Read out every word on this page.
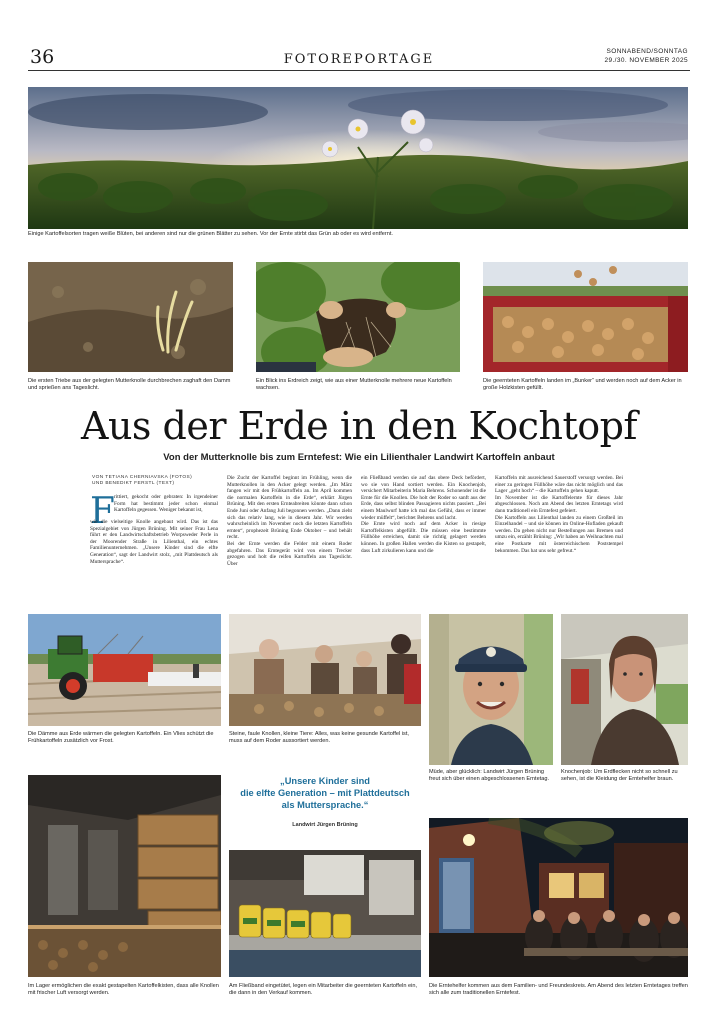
36	FOTOREPORTAGE
SONNABEND/SONNTAG
29./30. NOVEMBER 2025
Einige Kartoffelsorten tragen weiße Blüten, bei anderen sind nur die grünen Blätter zu sehen. Vor der Ernte stirbt das Grün ab oder es wird entfernt.
Die ersten Triebe aus der gelegten Mutterknolle durchbrechen zaghaft den Damm und sprießen ans Tageslicht.
Ein Blick ins Erdreich zeigt, wie aus einer Mutterknolle mehrere neue Kartoffeln wachsen.
Die geernteten Kartoffeln landen im „Bunker“ und werden noch auf dem Acker in große Holzkisten gefüllt.
Aus der Erde in den Kochtopf
Von der Mutterknolle bis zum Erntefest: Wie ein Lilienthaler Landwirt Kartoffeln anbaut
VON TETIANA CHERNIAVSKA (FOTOS)
UND BENEDIKT FERSTL (TEXT)
F rittiert, gekocht oder gebraten: In irgendeiner Form hat bestimmt jeder schon einmal Kartoffeln gegessen. Weniger bekannt ist,
wie die vielseitige Knolle angebaut wird. Das ist das Spezialgebiet von Jürgen Brüning. Mit seiner Frau Lena führt er den Landwirtschaftsbetrieb Worpsweder Perle in der Moorender Straße in Lilienthal, ein echtes Familienunternehmen. „Unsere Kinder sind die elfte Generation“, sagt der Landwirt stolz, „mit Plattdeutsch als Muttersprache“.
Die Zucht der Kartoffel beginnt im Frühling, wenn die Mutterknollen in den Acker gelegt werden. „Im März fangen wir mit den Frühkartoffeln an. Im April kommen die normalen Kartoffeln in die Erde“, erklärt Jürgen Brüning. Mit den ersten Ernteabreiten könnte dann schon Ende Juni oder Anfang Juli begonnen werden. „Dann zieht sich das relativ lang, wie in diesem Jahr. Wir werden wahrscheinlich im November noch die letzten Kartoffeln ernten“, prophezeit Brüning Ende Oktober – und behält recht.
Bei der Ernte werden die Felder mit einem Roder abgefahren. Das Erntegerät wird von einem Trecker gezogen und holt die reifen Kartoffeln ans Tageslicht. Über
ein Fließband werden sie auf das obere Deck befördert, wo sie von Hand sortiert werden. Ein Knochenjob, versichert Mitarbeiterin Maria Behrens. Schonender ist die Ernte für die Knollen. Die holt der Roder so sanft aus der Erde, dass selbst blinden Passagieren nichts passiert. „Bei einem Maulwurf hatte ich mal das Gefühl, dass er immer wieder müffelt“, berichtet Behrens und lacht.
Die Ernte wird noch auf dem Acker in riesige Kartoffelkisten abgefüllt. Die müssen eine bestimmte Füllhöhe erreichen, damit sie richtig gelagert werden können. In großen Hallen werden die Kisten so gestapelt, dass Luft zirkulieren kann und die
Kartoffeln mit ausreichend Sauerstoff versorgt werden. Bei einer zu geringen Füllhöhe wäre das nicht möglich und das Lager „geht hoch“ – die Kartoffeln gehen kaputt.
Im November ist die Kartoffelernte für dieses Jahr abgeschlossen. Noch am Abend des letzten Erntetags wird dann traditionell ein Erntefest gefeiert.
Die Kartoffeln aus Lilienthal landen zu einem Großteil im Einzelhandel – und sie können im Online-Hofladen gekauft werden. Da gehen nicht nur Bestellungen aus Bremen und umzu ein, erzählt Brüning: „Wir haben an Weihnachten mal eine Postkarte mit österreichischem Poststempel bekommen. Das hat uns sehr gefreut.“
Die Dämme aus Erde wärmen die gelegten Kartoffeln. Ein Vlies schützt die Frühkartoffeln zusätzlich vor Frost.
Steine, faule Knollen, kleine Tiere: Alles, was keine gesunde Kartoffel ist, muss auf dem Roder aussortiert werden.
Müde, aber glücklich: Landwirt Jürgen Brüning freut sich über einen abgeschlossenen Erntetag.
Knochenjob: Um Erdflecken nicht so schnell zu sehen, ist die Kleidung der Erntehelfer braun.
Im Lager ermöglichen die exakt gestapelten Kartoffelkisten, dass alle Knollen mit frischer Luft versorgt werden.
„Unsere Kinder sind
die elfte Generation – mit Plattdeutsch
als Muttersprache.“
Landwirt Jürgen Brüning
Am Fließband eingetütet, legen ein Mitarbeiter die geernteten Kartoffeln ein, die dann in den Verkauf kommen.
Die Erntehelfer kommen aus dem Familien- und Freundeskreis. Am Abend des letzten Erntetages treffen sich alle zum traditionellen Erntefest.
